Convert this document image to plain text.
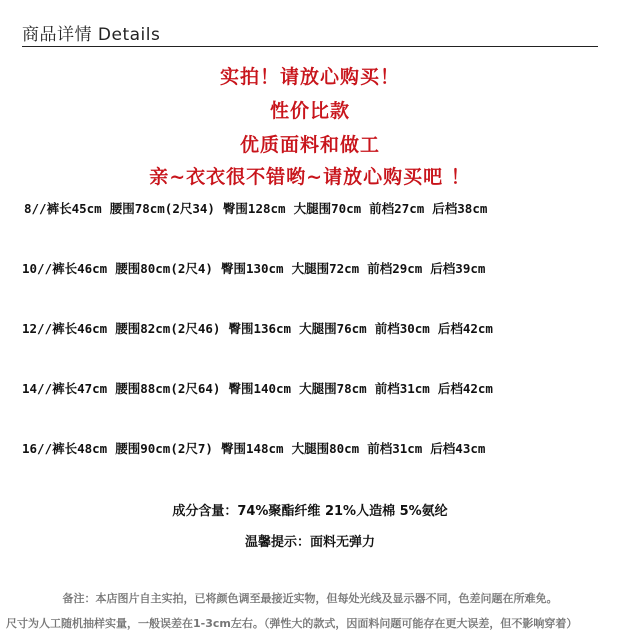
商品详情 Details
实拍！请放心购买！
性价比款
优质面料和做工
亲~衣衣很不错哟~请放心购买吧 ！
8//裤长45cm 腰围78cm(2尺34) 臀围128cm 大腿围70cm 前档27cm 后档38cm
10//裤长46cm 腰围80cm(2尺4) 臀围130cm 大腿围72cm 前档29cm 后档39cm
12//裤长46cm 腰围82cm(2尺46) 臀围136cm 大腿围76cm 前档30cm 后档42cm
14//裤长47cm 腰围88cm(2尺64) 臀围140cm 大腿围78cm 前档31cm 后档42cm
16//裤长48cm 腰围90cm(2尺7) 臀围148cm 大腿围80cm 前档31cm 后档43cm
成分含量：74%聚酯纤维 21%人造棉 5%氨纶
温馨提示：面料无弹力
备注：本店图片自主实拍，已将颜色调至最接近实物，但每处光线及显示器不同，色差问题在所难免。
尺寸为人工随机抽样实量，一般误差在1-3cm左右。（弹性大的款式，因面料问题可能存在更大误差，但不影响穿着）
